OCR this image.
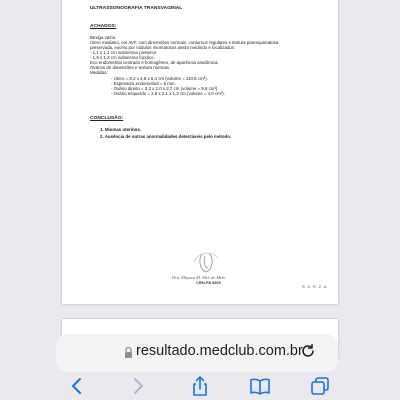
ULTRASSONOGRAFIA TRANSVAGINAL
ACHADOS:
Bexiga vazia.
Útero mediano, em AVF, com dimensões normais, contornos regulares e textura parenquimatosa
preservada, exceto por nódulos miomatosos assim medindo e localizados:
- 1,1 x 1,1 cm subseroso posterior
- 1,8 x 1,3 cm subseroso fúndico.
Eco endometrial centrado e homogêneo, de aparência anatômica.
Ovários de dimensões e textura normais.
Medidas:
- Útero = 8,2 x 4,8 x 5,4 cm (volume = 110,5 cm³).
- Espessura endometrial = 6 mm.
- Ovário direito = 3,3 x 2,0 x 2,7 cm (volume = 9,6 cm³).
- Ovário esquerdo = 2,8 x 2,1 x 1,3 cm (volume = 4,0 cm³).
CONCLUSÃO:
1. Miomas uterinos.
2. Ausência de outras anormalidades detectáveis pelo método.
Dra. Mayara M. Mel. de Melo
CRM-PB 8809
R A R Z A
resultado.medclub.com.br
